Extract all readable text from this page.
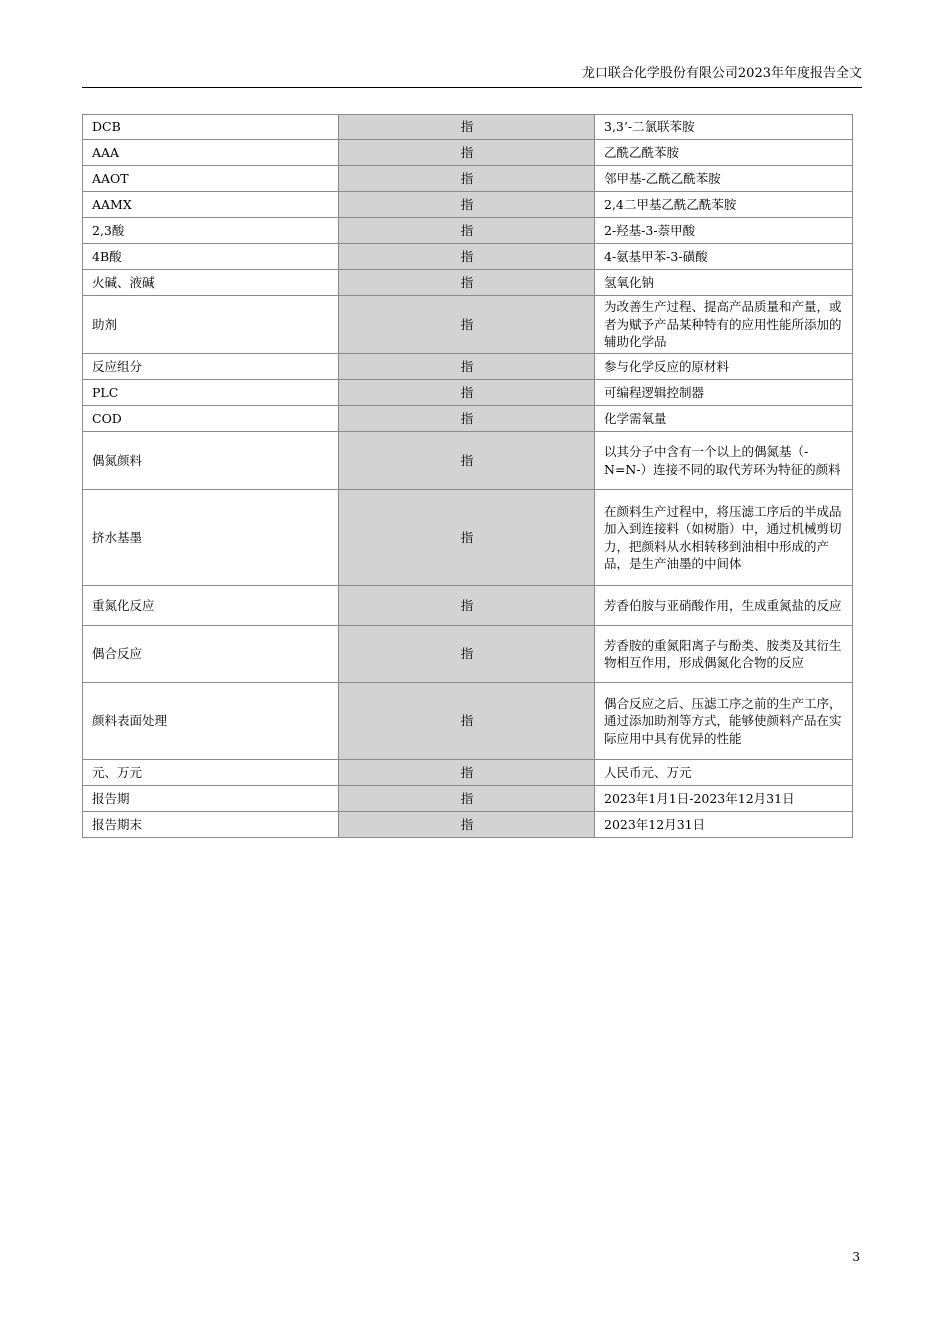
龙口联合化学股份有限公司2023年年度报告全文
DCB	指	3,3’-二氯联苯胺
AAA	指	乙酰乙酰苯胺
AAOT	指	邻甲基-乙酰乙酰苯胺
AAMX	指	2,4二甲基乙酰乙酰苯胺
2,3酸	指	2-羟基-3-萘甲酸
4B酸	指	4-氨基甲苯-3-磺酸
火碱、液碱	指	氢氧化钠
助剂	指	为改善生产过程、提高产品质量和产量，或者为赋予产品某种特有的应用性能所添加的辅助化学品
反应组分	指	参与化学反应的原材料
PLC	指	可编程逻辑控制器
COD	指	化学需氧量
偶氮颜料	指	以其分子中含有一个以上的偶氮基（-N=N-）连接不同的取代芳环为特征的颜料
挤水基墨	指	在颜料生产过程中，将压滤工序后的半成品加入到连接料（如树脂）中，通过机械剪切力，把颜料从水相转移到油相中形成的产品，是生产油墨的中间体
重氮化反应	指	芳香伯胺与亚硝酸作用，生成重氮盐的反应
偶合反应	指	芳香胺的重氮阳离子与酚类、胺类及其衍生物相互作用，形成偶氮化合物的反应
颜料表面处理	指	偶合反应之后、压滤工序之前的生产工序，通过添加助剂等方式，能够使颜料产品在实际应用中具有优异的性能
元、万元	指	人民币元、万元
报告期	指	2023年1月1日-2023年12月31日
报告期末	指	2023年12月31日
3
